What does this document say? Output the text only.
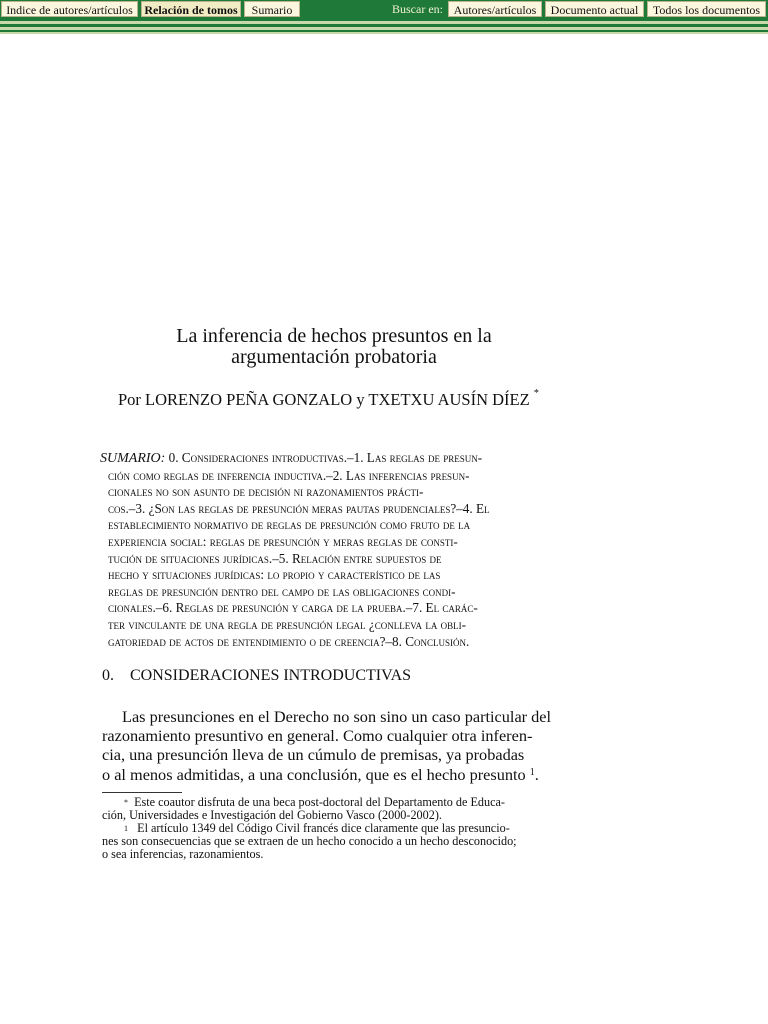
Indice de autores/artículos Relación de tomos	Sumario	Buscar en: Autores/artículos	Documento actual	Todos los documentos
La inferencia de hechos presuntos en la
argumentación probatoria
Por LORENZO PEÑA GONZALO y TXETXU AUSÍN DÍEZ *
SUMARIO: 0. Consideraciones introductivas.–1. Las reglas de presun-
ción como reglas de inferencia inductiva.–2. Las inferencias presun-
cionales no son asunto de decisión ni razonamientos prácti-
cos.–3. ¿Son las reglas de presunción meras pautas prudenciales?–4. El
establecimiento normativo de reglas de presunción como fruto de la
experiencia social: reglas de presunción y meras reglas de consti-
tución de situaciones jurídicas.–5. Relación entre supuestos de
hecho y situaciones jurídicas: lo propio y característico de las
reglas de presunción dentro del campo de las obligaciones condi-
cionales.–6. Reglas de presunción y carga de la prueba.–7. El carác-
ter vinculante de una regla de presunción legal ¿conlleva la obli-
gatoriedad de actos de entendimiento o de creencia?–8. Conclusión.
0. CONSIDERACIONES INTRODUCTIVAS
Las presunciones en el Derecho no son sino un caso particular del
razonamiento presuntivo en general. Como cualquier otra inferen-
cia, una presunción lleva de un cúmulo de premisas, ya probadas
o al menos admitidas, a una conclusión, que es el hecho presunto $^1$.
* Este coautor disfruta de una beca post-doctoral del Departamento de Educa-
ción, Universidades e Investigación del Gobierno Vasco (2000-2002).
$^1$ El artículo 1349 del Código Civil francés dice claramente que las presuncio-
nes son consecuencias que se extraen de un hecho conocido a un hecho desconocido;
o sea inferencias, razonamientos.
